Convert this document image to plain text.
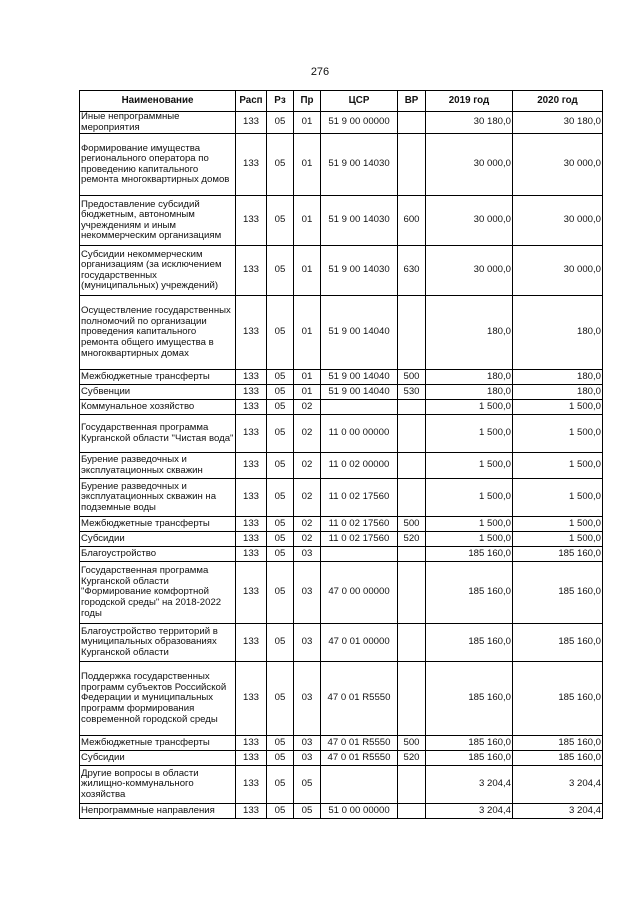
276
Наименование	Расп	Рз	Пр	ЦСР	ВР	2019 год	2020 год
Иные непрограммные мероприятия	133	05	01	51 9 00 00000		30 180,0	30 180,0
Формирование имущества регионального оператора по проведению капитального ремонта многоквартирных домов	133	05	01	51 9 00 14030		30 000,0	30 000,0
Предоставление субсидий бюджетным, автономным учреждениям и иным некоммерческим организациям	133	05	01	51 9 00 14030	600	30 000,0	30 000,0
Субсидии некоммерческим организациям (за исключением государственных (муниципальных) учреждений)	133	05	01	51 9 00 14030	630	30 000,0	30 000,0
Осуществление государственных полномочий по организации проведения капитального ремонта общего имущества в многоквартирных домах	133	05	01	51 9 00 14040		180,0	180,0
Межбюджетные трансферты	133	05	01	51 9 00 14040	500	180,0	180,0
Субвенции	133	05	01	51 9 00 14040	530	180,0	180,0
Коммунальное хозяйство	133	05	02			1 500,0	1 500,0
Государственная программа Курганской области "Чистая вода"	133	05	02	11 0 00 00000		1 500,0	1 500,0
Бурение разведочных и эксплуатационных скважин	133	05	02	11 0 02 00000		1 500,0	1 500,0
Бурение разведочных и эксплуатационных скважин на подземные воды	133	05	02	11 0 02 17560		1 500,0	1 500,0
Межбюджетные трансферты	133	05	02	11 0 02 17560	500	1 500,0	1 500,0
Субсидии	133	05	02	11 0 02 17560	520	1 500,0	1 500,0
Благоустройство	133	05	03			185 160,0	185 160,0
Государственная программа Курганской области "Формирование комфортной городской среды" на 2018-2022 годы	133	05	03	47 0 00 00000		185 160,0	185 160,0
Благоустройство территорий в муниципальных образованиях Курганской области	133	05	03	47 0 01 00000		185 160,0	185 160,0
Поддержка государственных программ субъектов Российской Федерации и муниципальных программ формирования современной городской среды	133	05	03	47 0 01 R5550		185 160,0	185 160,0
Межбюджетные трансферты	133	05	03	47 0 01 R5550	500	185 160,0	185 160,0
Субсидии	133	05	03	47 0 01 R5550	520	185 160,0	185 160,0
Другие вопросы в области жилищно-коммунального хозяйства	133	05	05			3 204,4	3 204,4
Непрограммные направления	133	05	05	51 0 00 00000		3 204,4	3 204,4
